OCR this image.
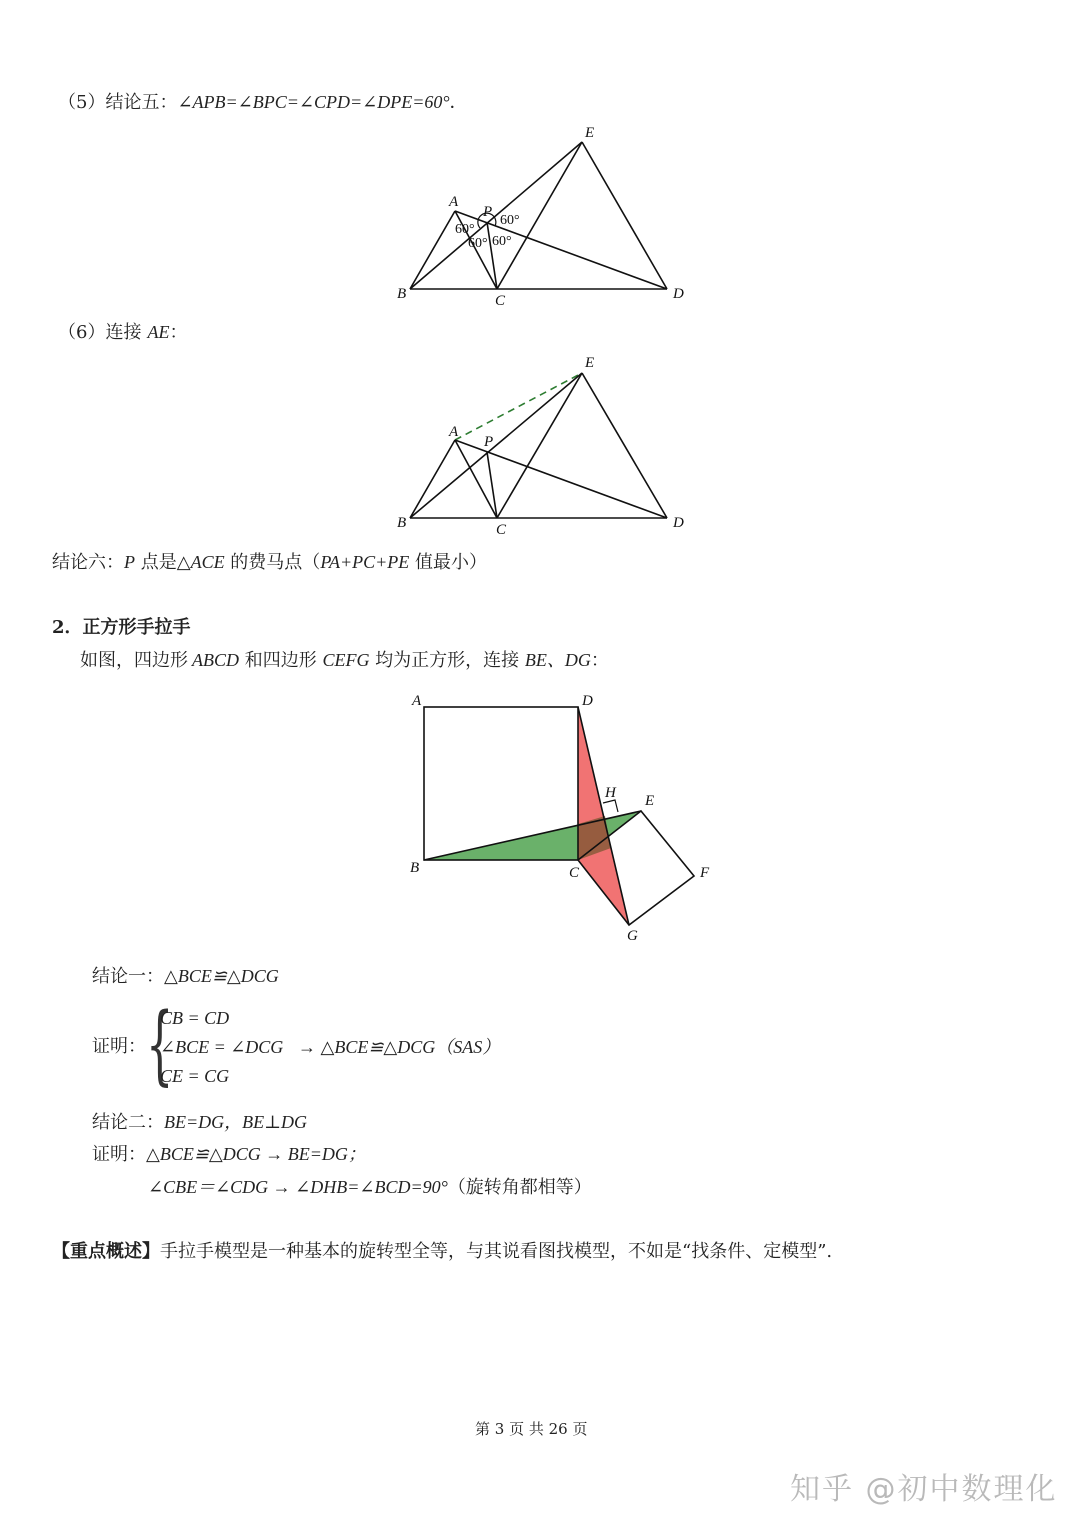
（5）结论五：∠APB=∠BPC=∠CPD=∠DPE=60°．
E
A
P
B	C	D
60°
60°
60° 60°
（6）连接 AE：
E
A
P
B	C	D
结论六：P 点是△ACE 的费马点（PA+PC+PE 值最小）
2．正方形手拉手
如图，四边形 ABCD 和四边形 CEFG 均为正方形，连接 BE、DG：
A	D
H E
B	C	F
G
结论一：△BCE≌△DCG
证明： {
CB = CD
∠BCE = ∠DCG
CE = CG
→ △BCE≌△DCG（SAS）
结论二：BE=DG，BE⊥DG
证明：△BCE≌△DCG → BE=DG；
∠CBE＝∠CDG → ∠DHB=∠BCD=90°（旋转角都相等）
【重点概述】手拉手模型是一种基本的旋转型全等，与其说看图找模型，不如是“找条件、定模型”.
第 3 页 共 26 页
知乎 @初中数理化
